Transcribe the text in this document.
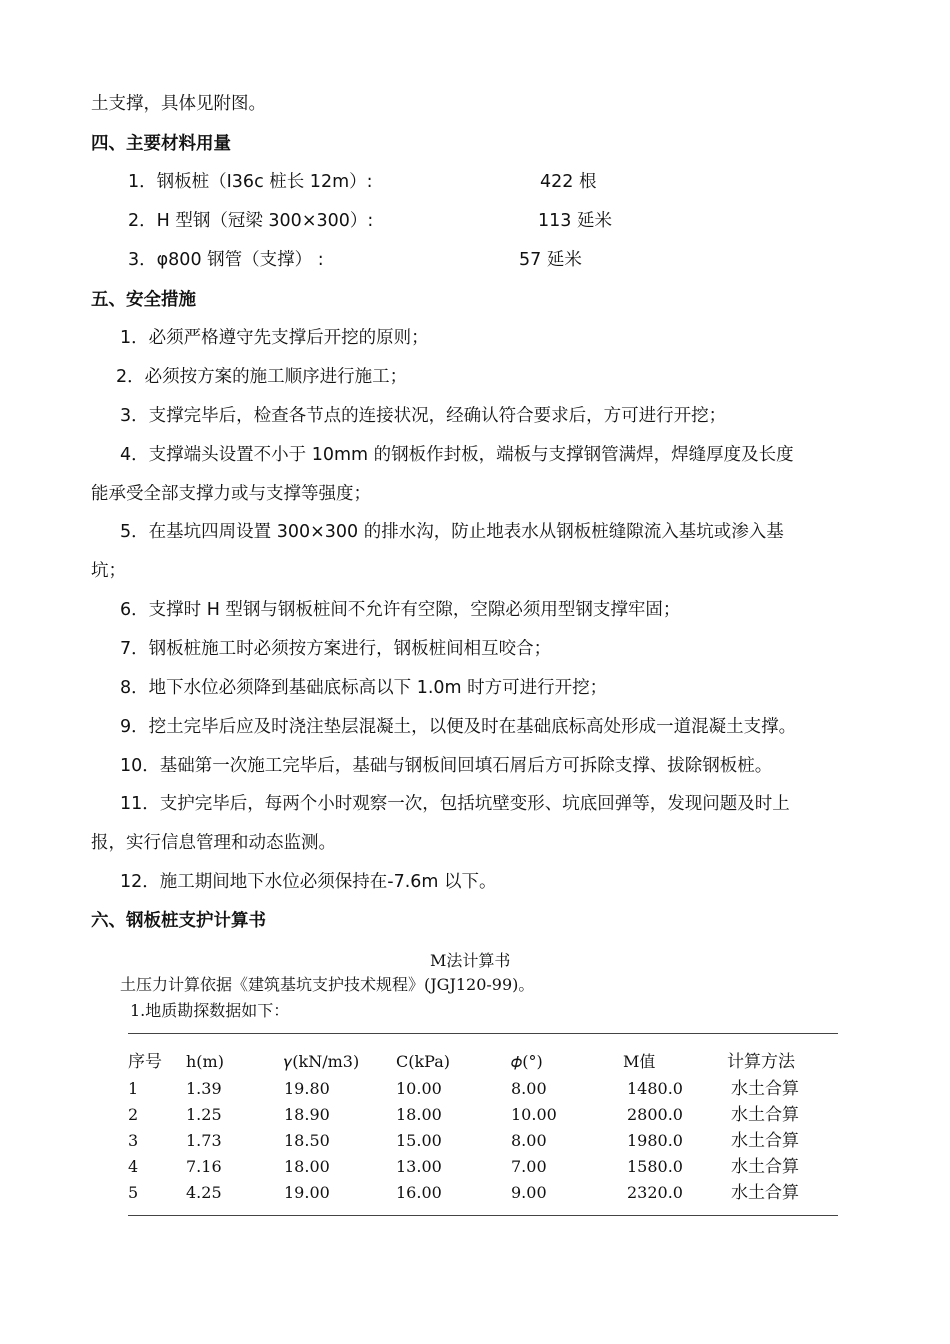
土支撑，具体见附图。
四、主要材料用量
1．钢板桩（I36c 桩长 12m）:	422 根
2．H 型钢（冠梁 300×300）:	113 延米
3．φ800 钢管（支撑） :	57 延米
五、安全措施
1．必须严格遵守先支撑后开挖的原则；
2．必须按方案的施工顺序进行施工；
3．支撑完毕后，检查各节点的连接状况，经确认符合要求后，方可进行开挖；
4．支撑端头设置不小于 10mm 的钢板作封板，端板与支撑钢管满焊，焊缝厚度及长度
能承受全部支撑力或与支撑等强度；
5．在基坑四周设置 300×300 的排水沟，防止地表水从钢板桩缝隙流入基坑或渗入基
坑；
6．支撑时 H 型钢与钢板桩间不允许有空隙，空隙必须用型钢支撑牢固；
7．钢板桩施工时必须按方案进行，钢板桩间相互咬合；
8．地下水位必须降到基础底标高以下 1.0m 时方可进行开挖；
9．挖土完毕后应及时浇注垫层混凝土，以便及时在基础底标高处形成一道混凝土支撑。
10．基础第一次施工完毕后，基础与钢板间回填石屑后方可拆除支撑、拔除钢板桩。
11．支护完毕后，每两个小时观察一次，包括坑壁变形、坑底回弹等，发现问题及时上
报，实行信息管理和动态监测。
12．施工期间地下水位必须保持在-7.6m 以下。
六、钢板桩支护计算书
M法计算书
土压力计算依据《建筑基坑支护技术规程》(JGJ120-99)。
1.地质勘探数据如下：
序号 h(m)	𝛾(kN/m3) C(kPa)	𝜙(°)	M值	计算方法
1	1.39	19.80	10.00	8.00	1480.0	水土合算
2	1.25	18.90	18.00	10.00	2800.0	水土合算
3	1.73	18.50	15.00	8.00	1980.0	水土合算
4	7.16	18.00	13.00	7.00	1580.0	水土合算
5	4.25	19.00	16.00	9.00	2320.0	水土合算
